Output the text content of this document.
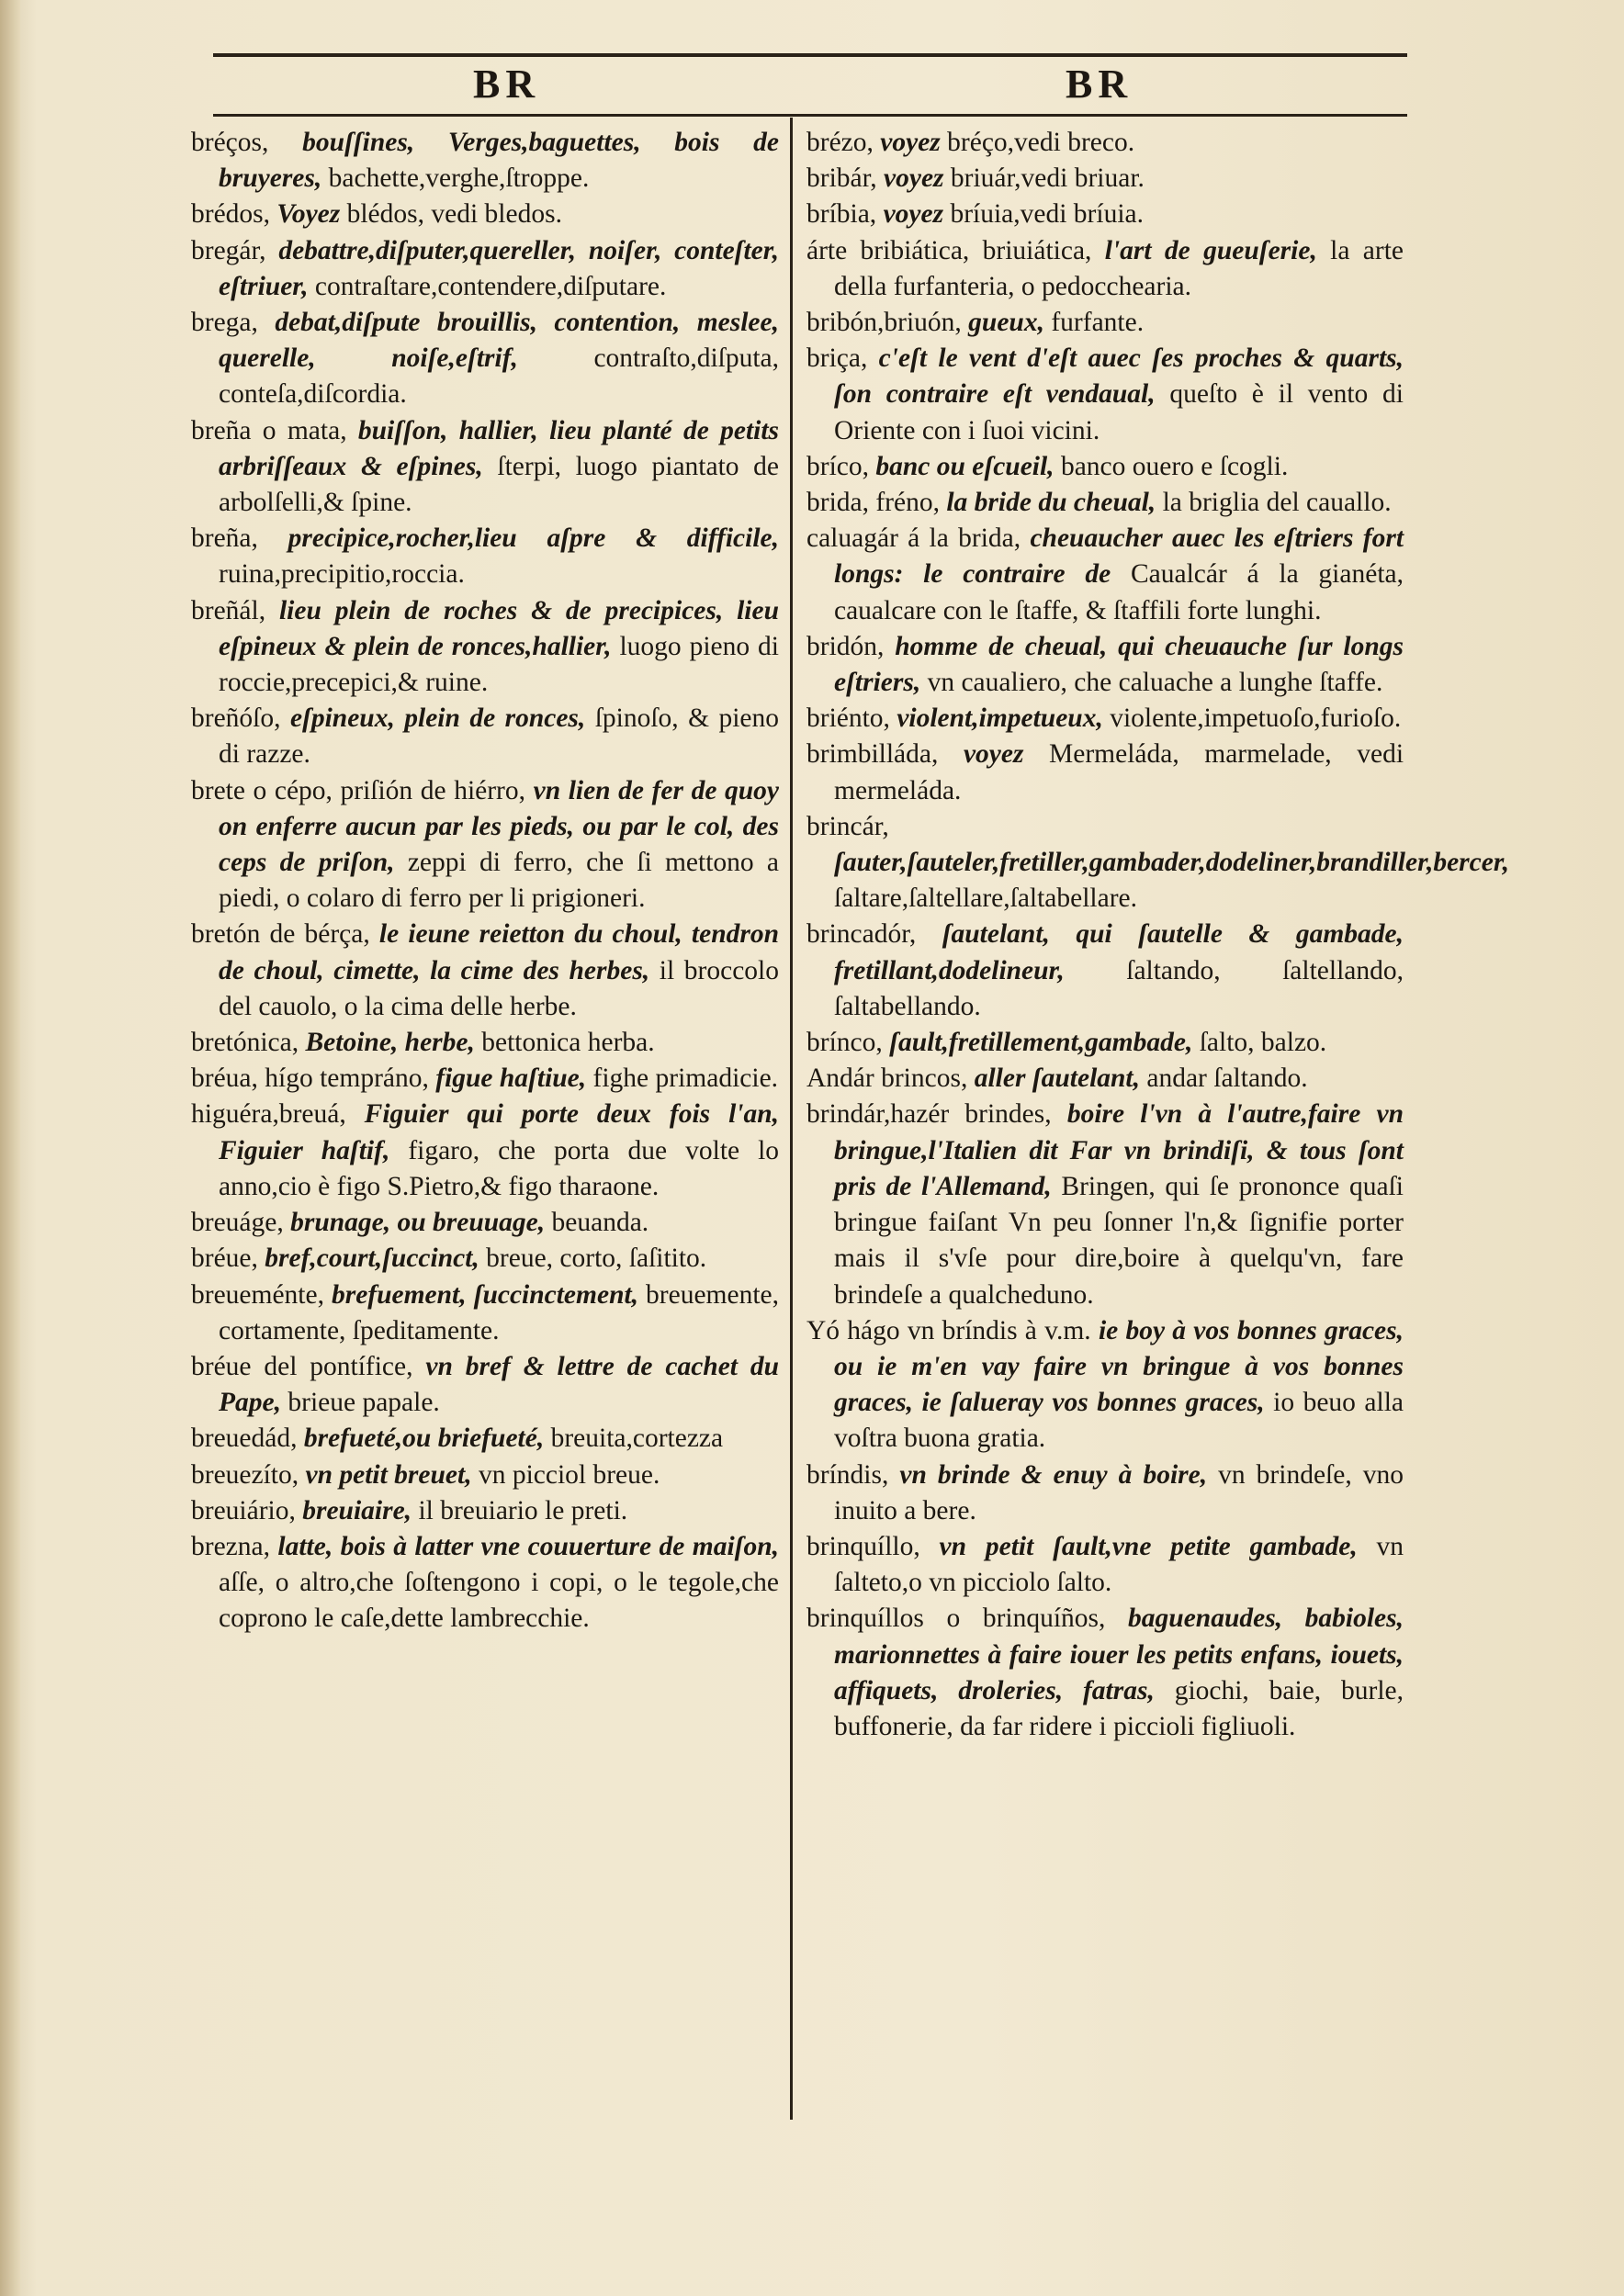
BR	BR
bréços, bouſſines, Verges,baguettes, bois de bruyeres, bachette,verghe,ſtroppe.
brédos, Voyez blédos, vedi bledos.
bregár, debattre,diſputer,quereller, noiſer, conteſter, eſtriuer, contraſtare,contendere,diſputare.
brega, debat,diſpute brouillis, contention, meslee, querelle, noiſe,eſtrif,	contraſto,diſputa, conteſa,diſcordia.
breña o mata, buiſſon, hallier, lieu planté de petits arbriſſeaux & eſpines, ſterpi, luogo piantato de arbolſelli,& ſpine.
breña, precipice,rocher,lieu aſpre & difficile, ruina,precipitio,roccia.
breñál, lieu plein de roches & de precipices, lieu eſpineux & plein de ronces,hallier, luogo pieno di roccie,precepici,& ruine.
breñóſo, eſpineux, plein de ronces, ſpinoſo, & pieno di razze.
brete o cépo, priſión de hiérro, vn lien de fer de quoy on enferre aucun par les pieds, ou par le col, des ceps de priſon, zeppi di ferro, che ſi mettono a piedi, o colaro di ferro per li prigioneri.
bretón de bérça, le ieune reietton du choul, tendron de choul, cimette, la cime des herbes, il broccolo del cauolo, o la cima delle herbe.
bretónica, Betoine, herbe, bettonica herba.
bréua, hígo tempráno, figue haſtiue, fighe primadicie.
higuéra,breuá, Figuier qui porte deux fois l'an, Figuier haſtif, figaro, che porta due volte lo anno,cio è figo S.Pietro,& figo tharaone.
breuáge, brunage, ou breuuage, beuanda.
bréue, bref,court,ſuccinct, breue, corto, ſaſitito.
breueménte, brefuement, ſuccinctement, breuemente, cortamente, ſpeditamente.
bréue del pontífice, vn bref & lettre de cachet du Pape, brieue papale.
breuedád, brefueté,ou briefueté, breuita,cortezza
breuezíto, vn petit breuet, vn picciol breue.
breuiário, breuiaire, il breuiario le preti.
brezna, latte, bois à latter vne couuerture de maiſon, aſſe, o altro,che ſoſtengono i copi, o le tegole,che coprono le caſe,dette lambrecchie.
brézo, voyez bréço,vedi breco.
bribár, voyez briuár,vedi briuar.
bríbia, voyez bríuia,vedi bríuia.
árte bribiática, briuiática, l'art de gueuſerie, la arte della furfanteria, o pedocchearia.
bribón,briuón, gueux, furfante.
briça, c'eſt le vent d'eſt auec ſes proches & quarts, ſon contraire eſt vendaual, queſto è il vento di Oriente con i ſuoi vicini.
bríco, banc ou eſcueil, banco ouero e ſcogli.
brida, fréno, la bride du cheual, la briglia del cauallo.
caluagár á la brida, cheuaucher auec les eſtriers fort longs: le contraire de Caualcár á la gianéta, caualcare con le ſtaffe, & ſtaffili forte lunghi.
bridón, homme de cheual, qui cheuauche ſur longs eſtriers, vn caualiero, che caluache a lunghe ſtaffe.
briénto, violent,impetueux, violente,impetuoſo,furioſo.
brimbilláda, voyez Mermeláda, marmelade, vedi mermeláda.
brincár, ſauter,ſauteler,fretiller,gambader,dodeliner,brandiller,bercer, ſaltare,ſaltellare,ſaltabellare.
brincadór, ſautelant, qui ſautelle & gambade, fretillant,dodelineur, ſaltando, ſaltellando, ſaltabellando.
brínco, ſault,fretillement,gambade, ſalto, balzo.
Andár brincos, aller ſautelant, andar ſaltando.
brindár,hazér brindes, boire l'vn à l'autre,faire vn bringue,l'Italien dit Far vn brindiſi, & tous ſont pris de l'Allemand, Bringen, qui ſe prononce quaſi bringue faiſant Vn peu ſonner l'n,& ſignifie porter mais il s'vſe pour dire,boire à quelqu'vn, fare brindeſe a qualcheduno.
Yó hágo vn bríndis à v.m. ie boy à vos bonnes graces, ou ie m'en vay faire vn bringue à vos bonnes graces, ie ſalueray vos bonnes graces, io beuo alla voſtra buona gratia.
bríndis, vn brinde & enuy à boire, vn brindeſe, vno inuito a bere.
brinquíllo, vn petit ſault,vne petite gambade, vn ſalteto,o vn picciolo ſalto.
brinquíllos o brinquíños, baguenaudes, babioles, marionnettes à faire iouer les petits enfans, iouets, affiquets, droleries, fatras, giochi, baie, burle, buffonerie, da far ridere i piccioli figliuoli.
